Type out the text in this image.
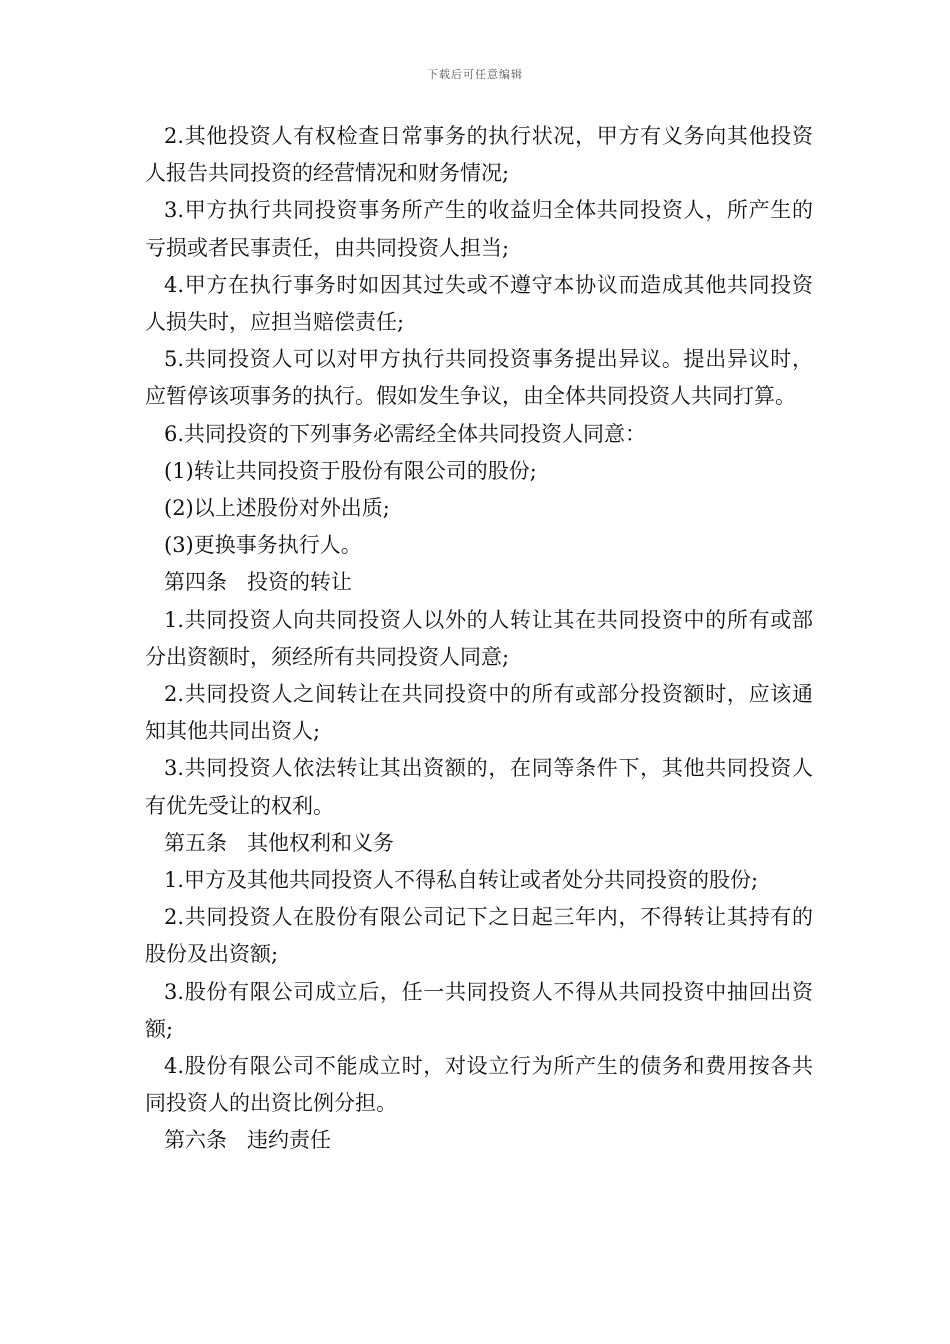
下载后可任意编辑

2.其他投资人有权检查日常事务的执行状况，甲方有义务向其他投资人报告共同投资的经营情况和财务情况;

3.甲方执行共同投资事务所产生的收益归全体共同投资人，所产生的亏损或者民事责任，由共同投资人担当;

4.甲方在执行事务时如因其过失或不遵守本协议而造成其他共同投资人损失时，应担当赔偿责任;

5.共同投资人可以对甲方执行共同投资事务提出异议。提出异议时，应暂停该项事务的执行。假如发生争议，由全体共同投资人共同打算。

6.共同投资的下列事务必需经全体共同投资人同意：

(1)转让共同投资于股份有限公司的股份;

(2)以上述股份对外出质;

(3)更换事务执行人。

第四条 投资的转让

1.共同投资人向共同投资人以外的人转让其在共同投资中的所有或部分出资额时，须经所有共同投资人同意;

2.共同投资人之间转让在共同投资中的所有或部分投资额时，应该通知其他共同出资人;

3.共同投资人依法转让其出资额的，在同等条件下，其他共同投资人有优先受让的权利。

第五条 其他权利和义务

1.甲方及其他共同投资人不得私自转让或者处分共同投资的股份;

2.共同投资人在股份有限公司记下之日起三年内，不得转让其持有的股份及出资额;

3.股份有限公司成立后，任一共同投资人不得从共同投资中抽回出资额;

4.股份有限公司不能成立时，对设立行为所产生的债务和费用按各共同投资人的出资比例分担。

第六条 违约责任
